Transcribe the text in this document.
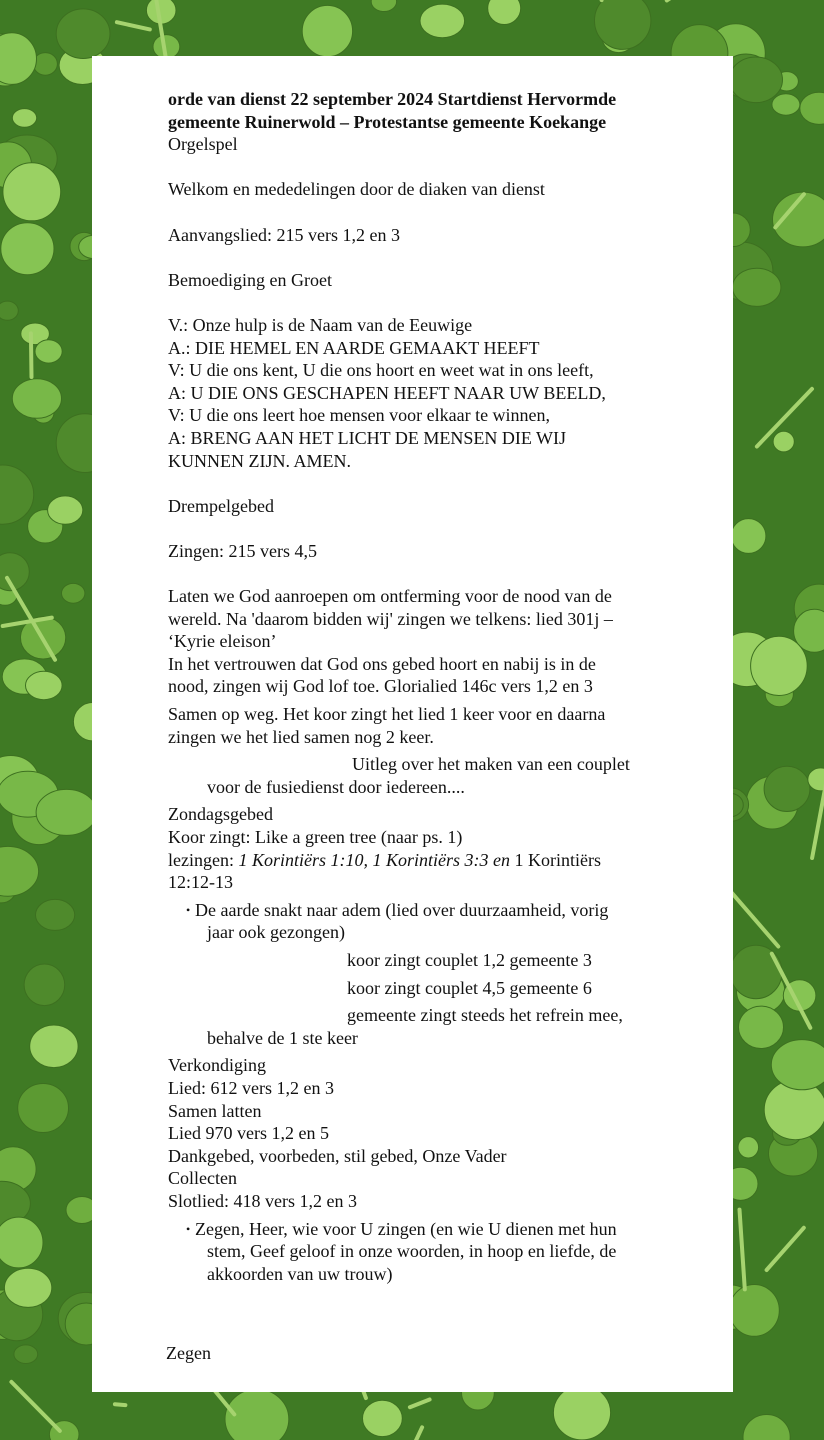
orde van dienst 22 september 2024 Startdienst Hervormde

gemeente Ruinerwold – Protestantse gemeente Koekange

Orgelspel

Welkom en mededelingen door de diaken van dienst

Aanvangslied: 215 vers 1,2 en 3

Bemoediging en Groet

V.: Onze hulp is de Naam van de Eeuwige

A.: DIE HEMEL EN AARDE GEMAAKT HEEFT

V: U die ons kent, U die ons hoort en weet wat in ons leeft,

A: U DIE ONS GESCHAPEN HEEFT NAAR UW BEELD,

V: U die ons leert hoe mensen voor elkaar te winnen,

A: BRENG AAN HET LICHT DE MENSEN DIE WIJ

KUNNEN ZIJN. AMEN.

Drempelgebed

Zingen: 215 vers 4,5

Laten we God aanroepen om ontferming voor de nood van de

wereld. Na 'daarom bidden wij' zingen we telkens: lied 301j –

‘Kyrie eleison’

In het vertrouwen dat God ons gebed hoort en nabij is in de

nood, zingen wij God lof toe. Glorialied 146c vers 1,2 en 3

Samen op weg. Het koor zingt het lied 1 keer voor en daarna

zingen we het lied samen nog 2 keer.

Uitleg over het maken van een couplet

voor de fusiedienst door iedereen....

Zondagsgebed

Koor zingt: Like a green tree (naar ps. 1)

lezingen: 1 Korintiërs 1:10, 1 Korintiërs 3:3 en 1 Korintiërs

12:12-13

• De aarde snakt naar adem (lied over duurzaamheid, vorig

jaar ook gezongen)

koor zingt couplet 1,2 gemeente 3

koor zingt couplet 4,5 gemeente 6

gemeente zingt steeds het refrein mee,

behalve de 1 ste keer

Verkondiging

Lied: 612 vers 1,2 en 3

Samen latten

Lied 970 vers 1,2 en 5

Dankgebed, voorbeden, stil gebed, Onze Vader

Collecten

Slotlied: 418 vers 1,2 en 3

• Zegen, Heer, wie voor U zingen (en wie U dienen met hun

stem, Geef geloof in onze woorden, in hoop en liefde, de

akkoorden van uw trouw)

Zegen
